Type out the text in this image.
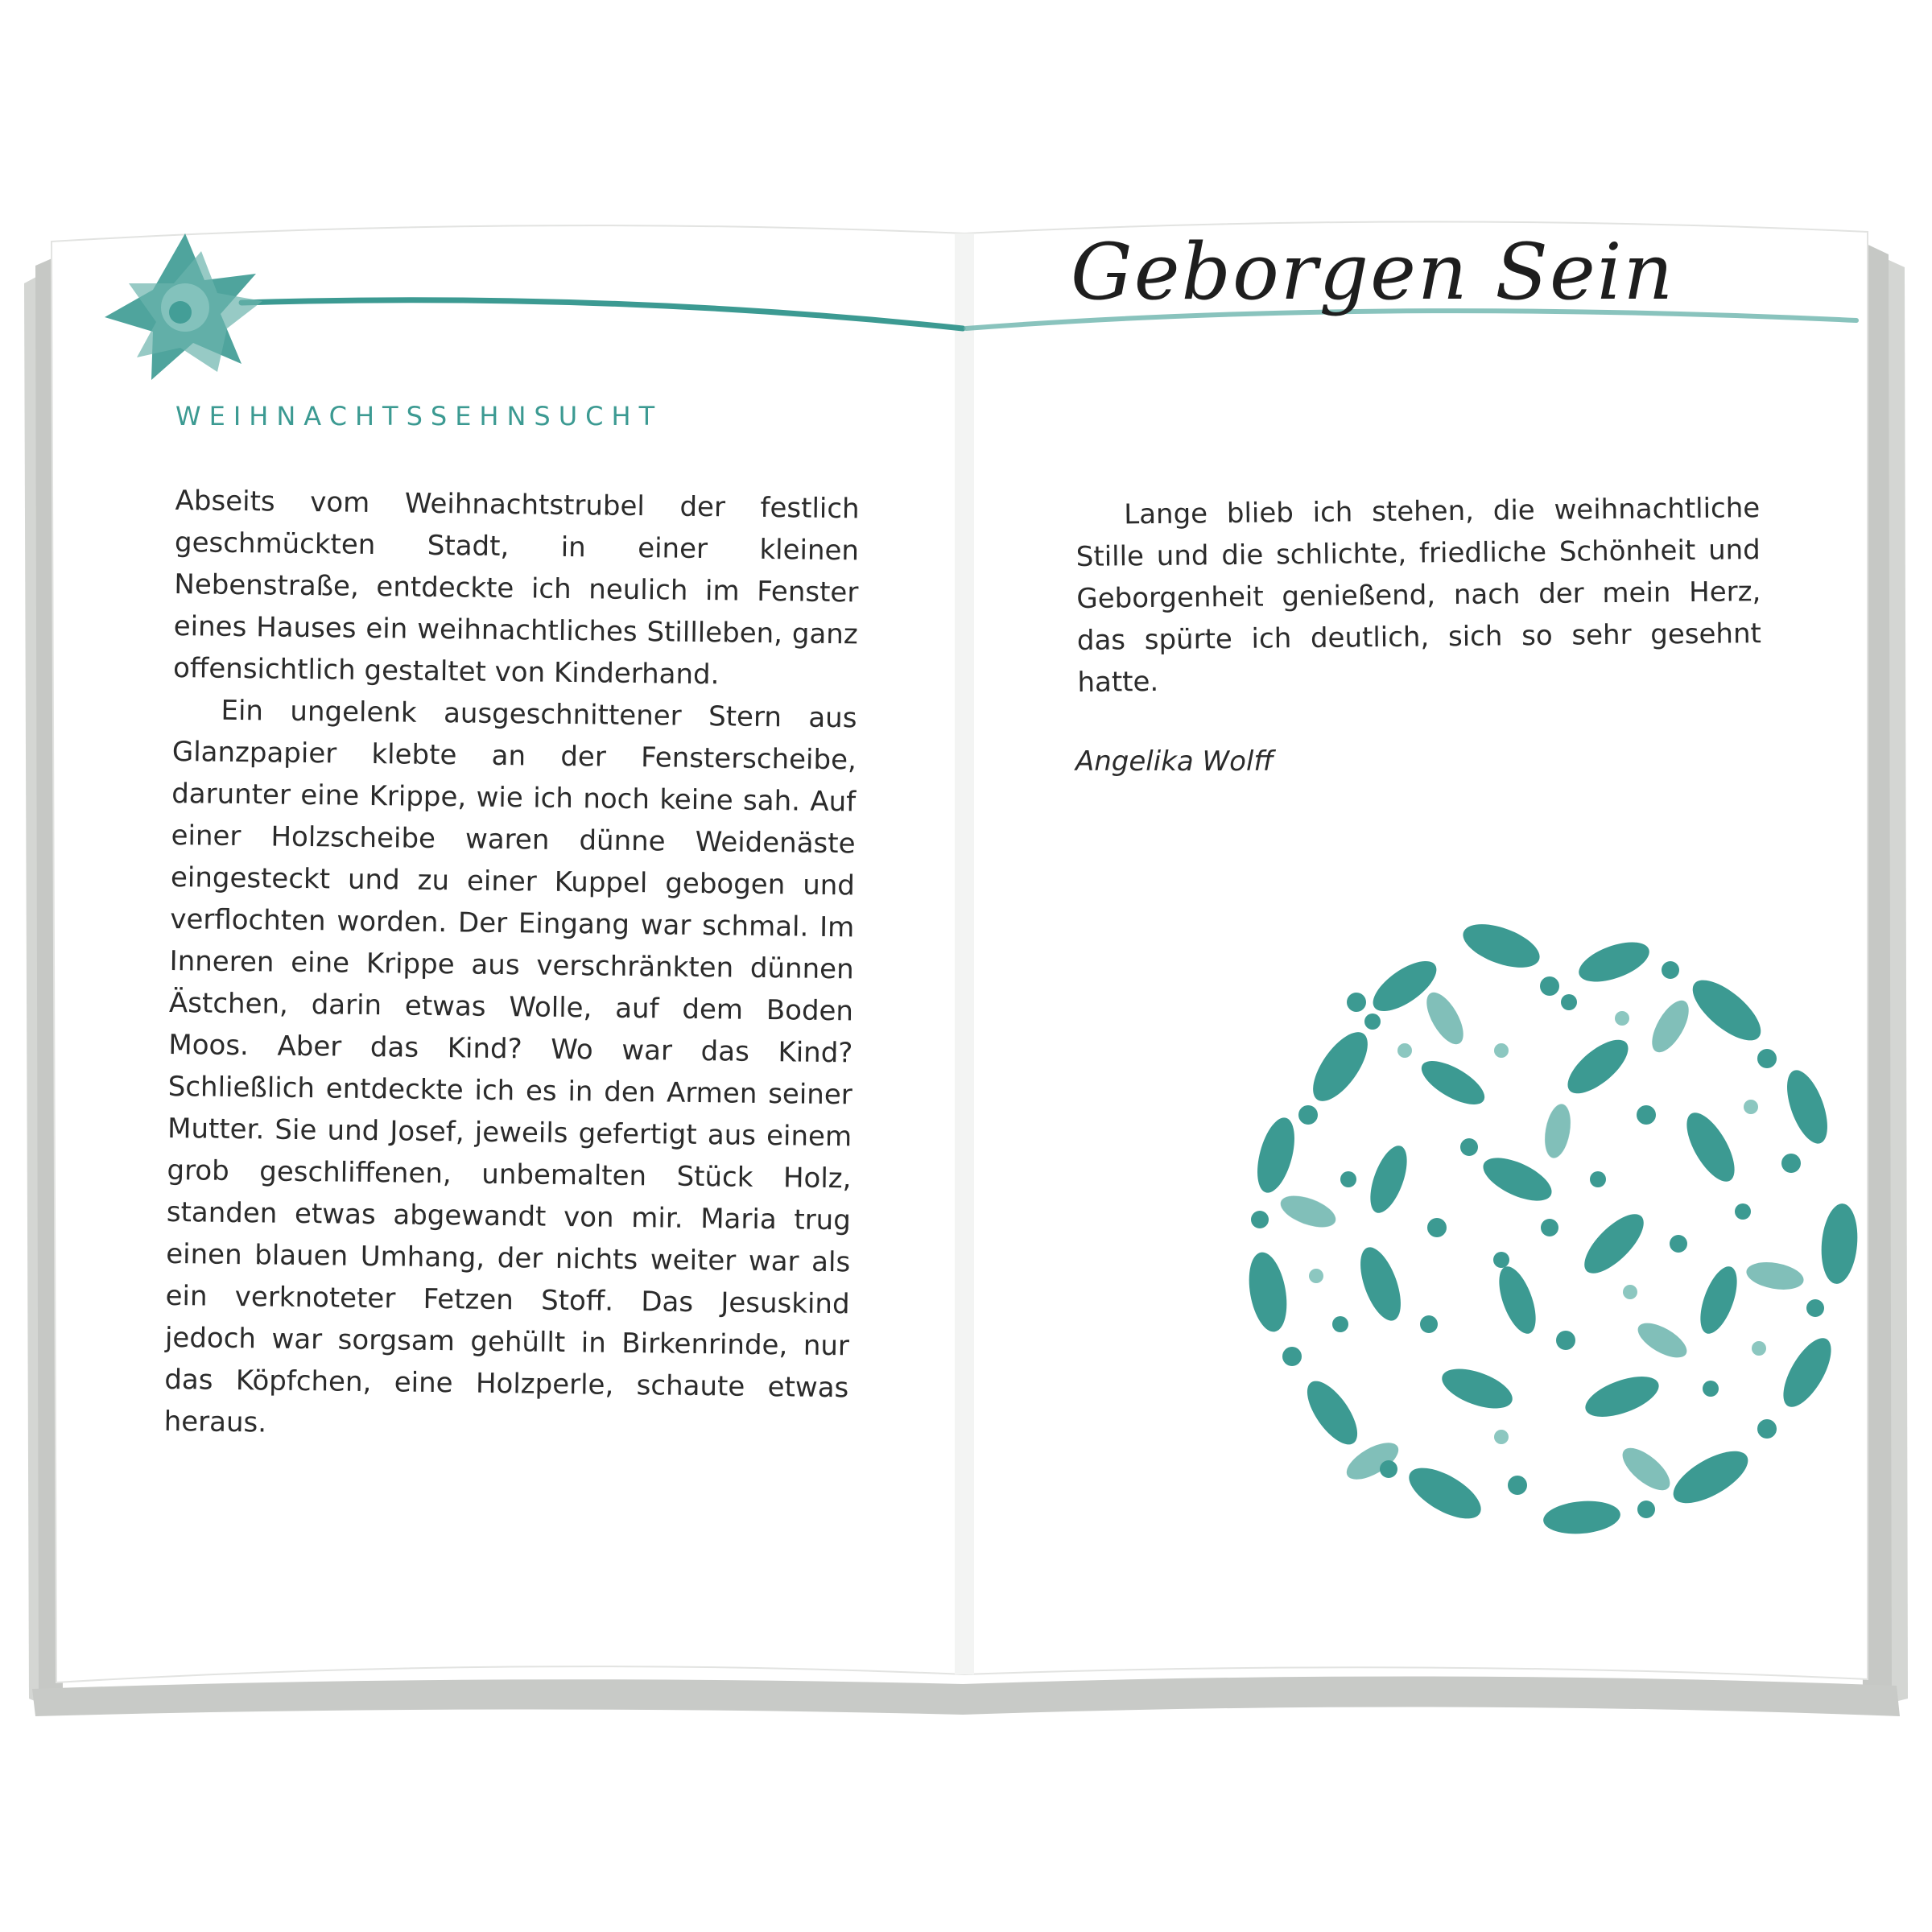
Geborgen Sein
WEIHNACHTSSEHNSUCHT

Abseits vom Weihnachtstrubel der festlich geschmückten Stadt, in einer kleinen Nebenstraße, entdeckte ich neulich im Fenster eines Hauses ein weihnachtliches Stillleben, ganz offensichtlich gestaltet von Kinderhand.

Ein ungelenk ausgeschnittener Stern aus Glanzpapier klebte an der Fensterscheibe, darunter eine Krippe, wie ich noch keine sah. Auf einer Holzscheibe waren dünne Weidenäste eingesteckt und zu einer Kuppel gebogen und verflochten worden. Der Eingang war schmal. Im Inneren eine Krippe aus verschränkten dünnen Ästchen, darin etwas Wolle, auf dem Boden Moos. Aber das Kind? Wo war das Kind? Schließlich entdeckte ich es in den Armen seiner Mutter. Sie und Josef, jeweils gefertigt aus einem grob geschliffenen, unbemalten Stück Holz, standen etwas abgewandt von mir. Maria trug einen blauen Umhang, der nichts weiter war als ein verknoteter Fetzen Stoff. Das Jesuskind jedoch war sorgsam gehüllt in Birkenrinde, nur das Köpfchen, eine Holzperle, schaute etwas heraus.

Lange blieb ich stehen, die weihnachtliche Stille und die schlichte, friedliche Schönheit und Geborgenheit genießend, nach der mein Herz, das spürte ich deutlich, sich so sehr gesehnt hatte.

Angelika Wolff
